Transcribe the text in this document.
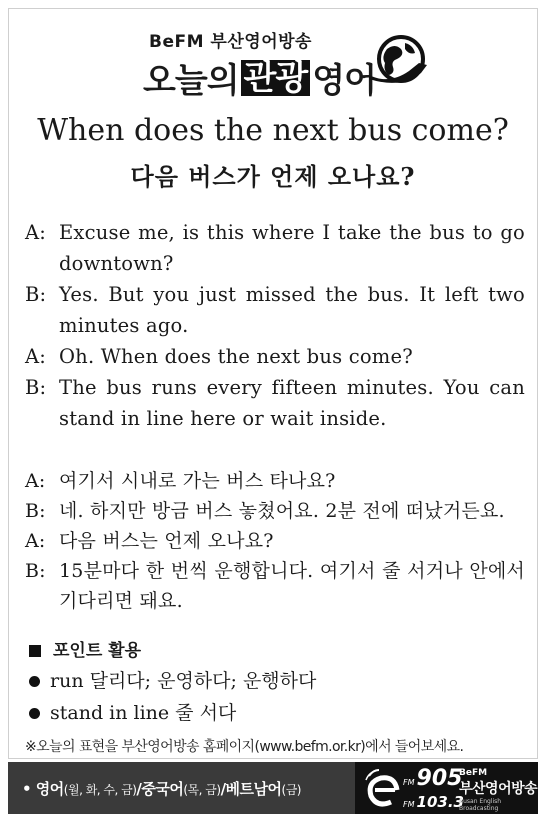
BeFM 부산영어방송
오늘의 관광 영어
When does the next bus come?
다음 버스가 언제 오나요?
A: Excuse me, is this where I take the bus to go downtown?
B: Yes. But you just missed the bus. It left two minutes ago.
A: Oh. When does the next bus come?
B: The bus runs every fifteen minutes. You can stand in line here or wait inside.
A: 여기서 시내로 가는 버스 타나요?
B: 네. 하지만 방금 버스 놓쳤어요. 2분 전에 떠났거든요.
A: 다음 버스는 언제 오나요?
B: 15분마다 한 번씩 운행합니다. 여기서 줄 서거나 안에서 기다리면 돼요.
포인트 활용
run 달리다; 운영하다; 운행하다
stand in line 줄 서다
※오늘의 표현을 부산영어방송 홈페이지(www.befm.or.kr)에서 들어보세요.
• 영어(월, 화, 수, 금)/중국어(목, 금)/베트남어(금)
FM905
FM 103.3
BeFM
부산영어방송
Busan English Broadcasting
